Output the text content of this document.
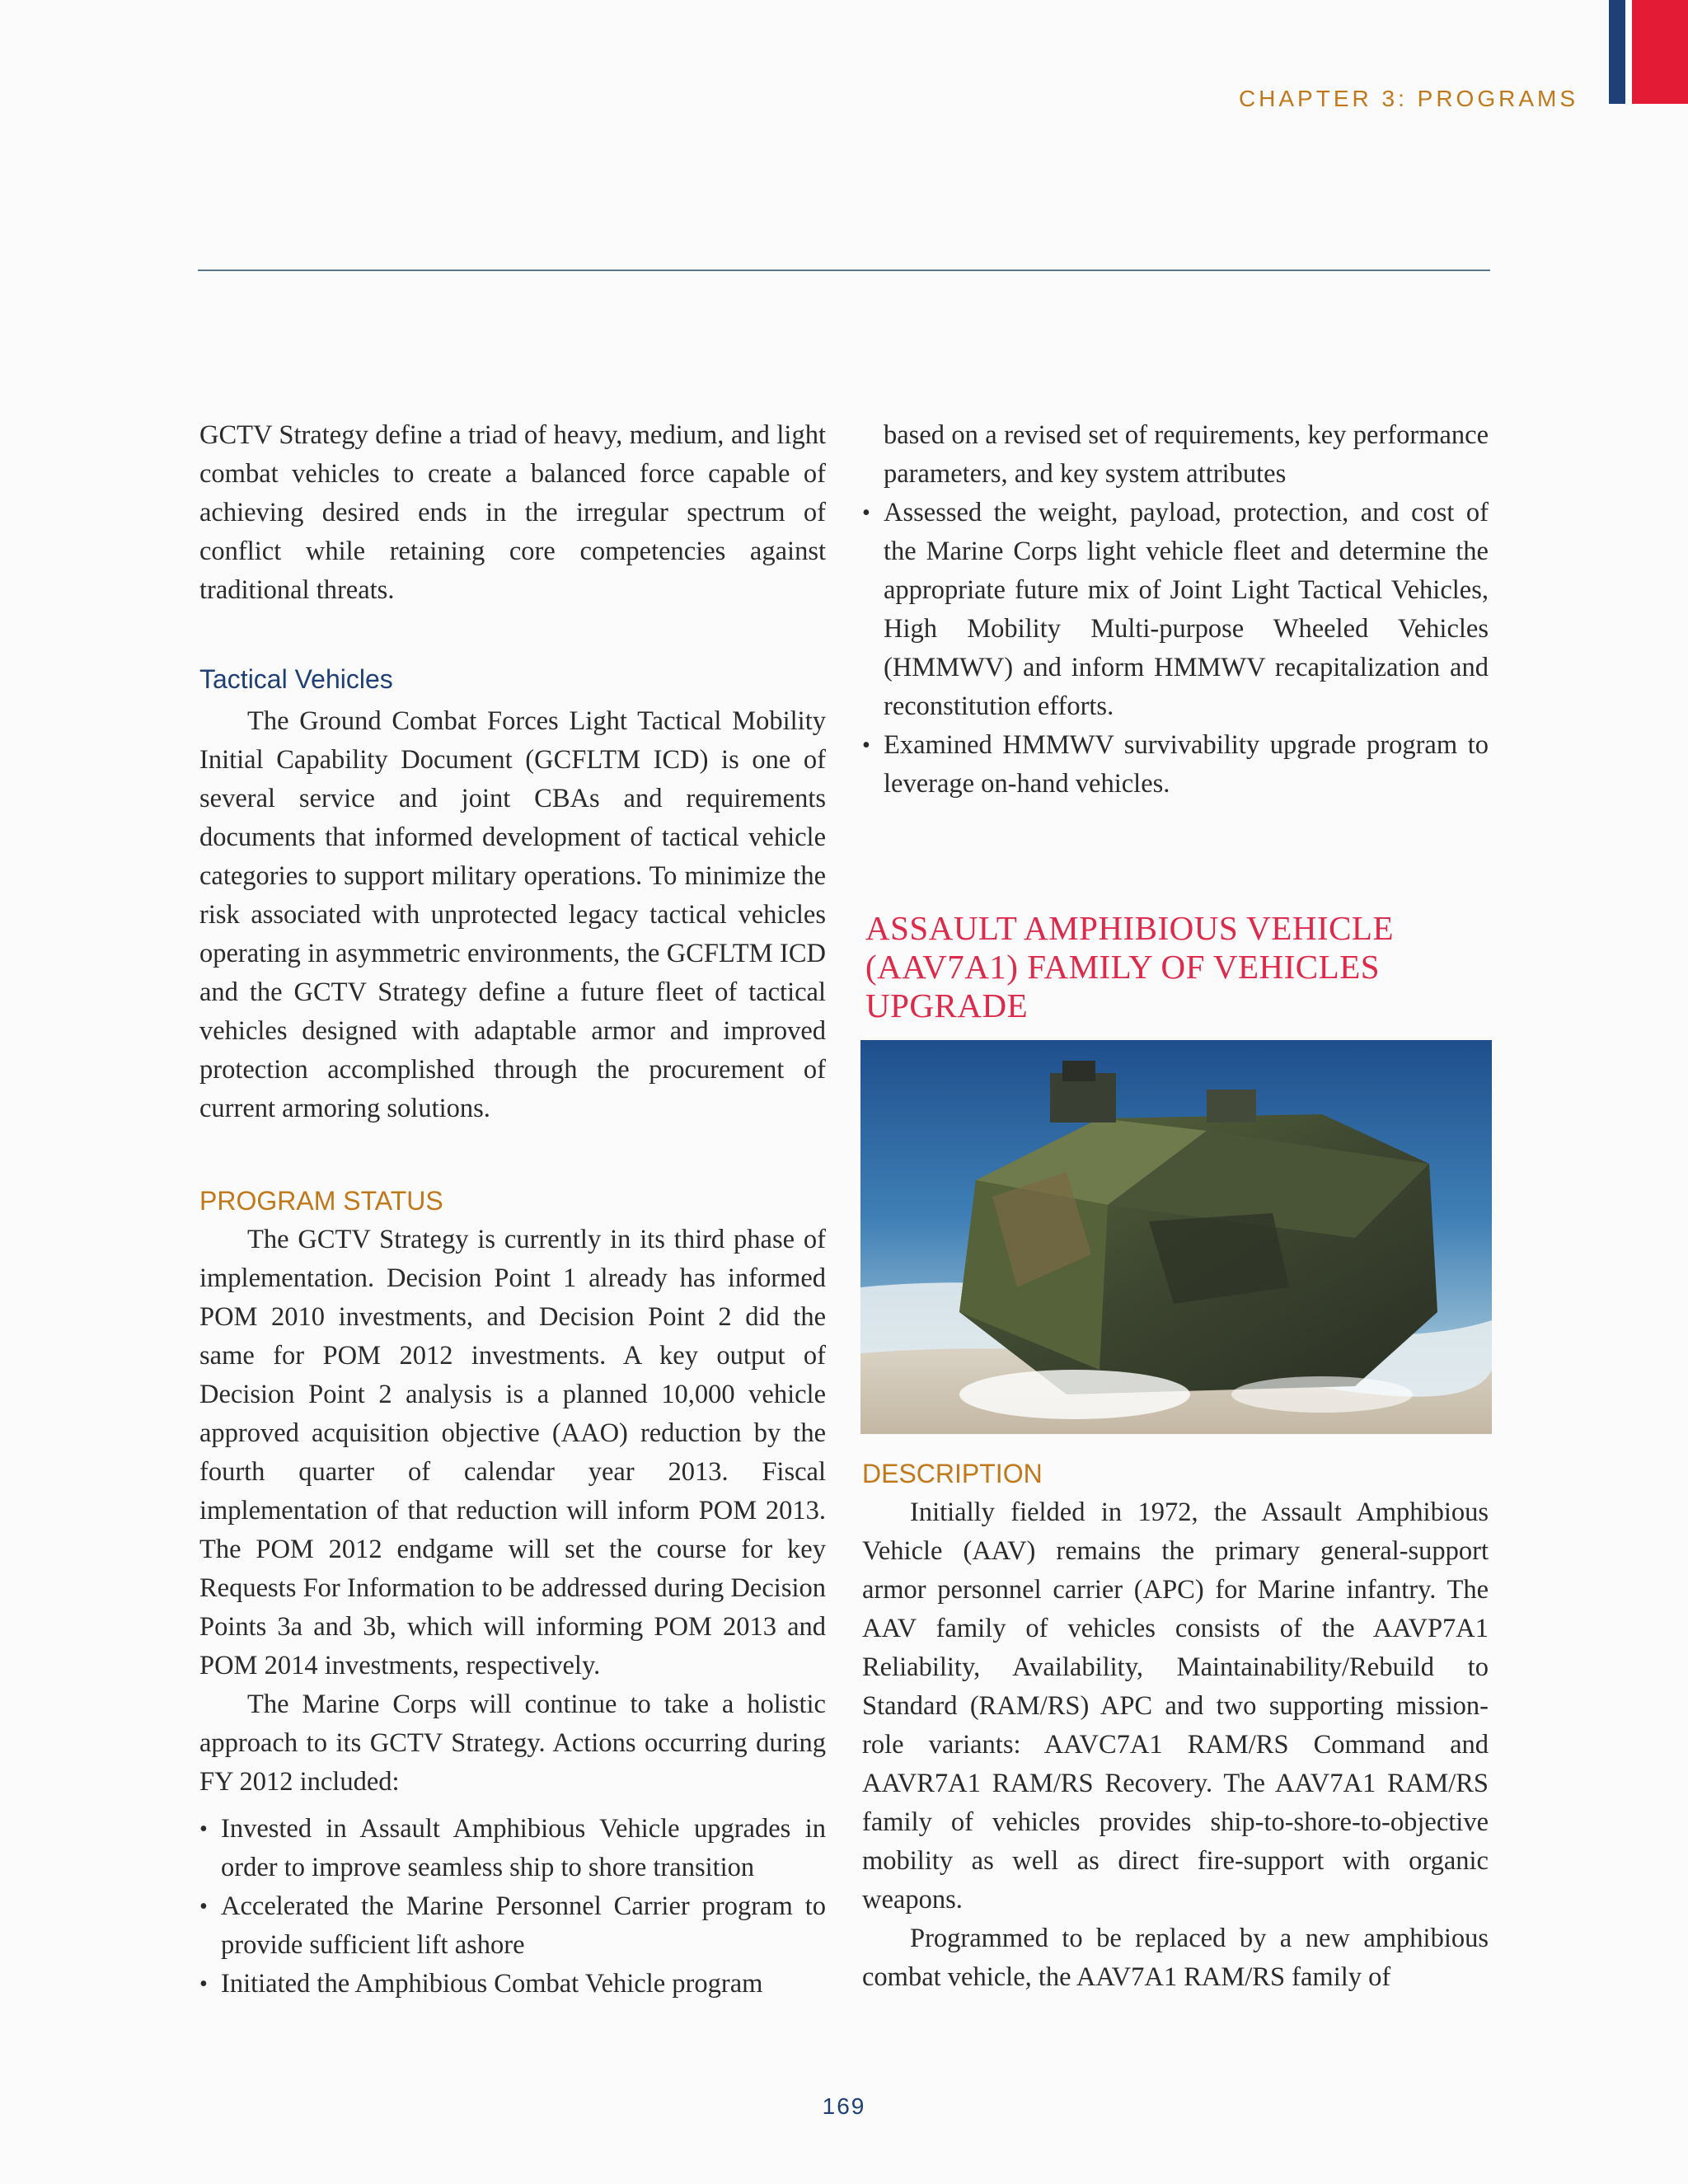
CHAPTER 3: PROGRAMS

GCTV Strategy define a triad of heavy, medium, and light combat vehicles to create a balanced force capable of achieving desired ends in the irregular spectrum of conflict while retaining core competencies against traditional threats.

Tactical Vehicles

The Ground Combat Forces Light Tactical Mobility Initial Capability Document (GCFLTM ICD) is one of several service and joint CBAs and requirements documents that informed development of tactical vehicle categories to support military operations. To minimize the risk associated with unprotected legacy tactical vehicles operating in asymmetric environments, the GCFLTM ICD and the GCTV Strategy define a future fleet of tactical vehicles designed with adaptable armor and improved protection accomplished through the procurement of current armoring solutions.

PROGRAM STATUS

The GCTV Strategy is currently in its third phase of implementation. Decision Point 1 already has informed POM 2010 investments, and Decision Point 2 did the same for POM 2012 investments. A key output of Decision Point 2 analysis is a planned 10,000 vehicle approved acquisition objective (AAO) reduction by the fourth quarter of calendar year 2013. Fiscal implementation of that reduction will inform POM 2013. The POM 2012 endgame will set the course for key Requests For Information to be addressed during Decision Points 3a and 3b, which will informing POM 2013 and POM 2014 investments, respectively.

The Marine Corps will continue to take a holistic approach to its GCTV Strategy. Actions occurring during FY 2012 included:

• Invested in Assault Amphibious Vehicle upgrades in order to improve seamless ship to shore transition
• Accelerated the Marine Personnel Carrier program to provide sufficient lift ashore
• Initiated the Amphibious Combat Vehicle program

based on a revised set of requirements, key performance parameters, and key system attributes

• Assessed the weight, payload, protection, and cost of the Marine Corps light vehicle fleet and determine the appropriate future mix of Joint Light Tactical Vehicles, High Mobility Multi-purpose Wheeled Vehicles (HMMWV) and inform HMMWV recapitalization and reconstitution efforts.
• Examined HMMWV survivability upgrade program to leverage on-hand vehicles.
ASSAULT AMPHIBIOUS VEHICLE (AAV7A1) FAMILY OF VEHICLES UPGRADE
DESCRIPTION

Initially fielded in 1972, the Assault Amphibious Vehicle (AAV) remains the primary general-support armor personnel carrier (APC) for Marine infantry. The AAV family of vehicles consists of the AAVP7A1 Reliability, Availability, Maintainability/Rebuild to Standard (RAM/RS) APC and two supporting mission-role variants: AAVC7A1 RAM/RS Command and AAVR7A1 RAM/RS Recovery. The AAV7A1 RAM/RS family of vehicles provides ship-to-shore-to-objective mobility as well as direct fire-support with organic weapons.

Programmed to be replaced by a new amphibious combat vehicle, the AAV7A1 RAM/RS family of

169
